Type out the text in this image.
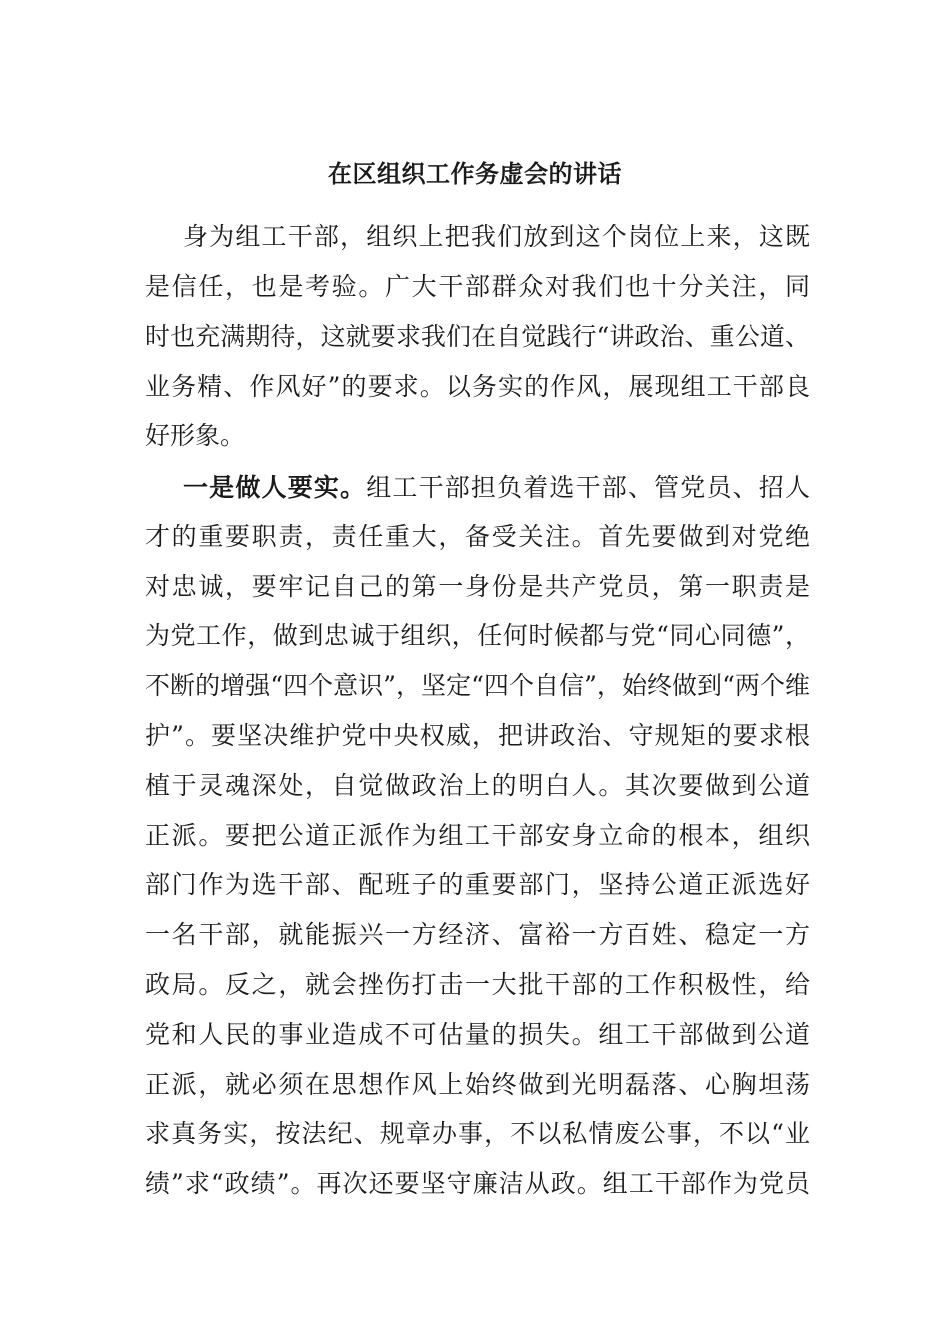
在区组织工作务虚会的讲话
身为组工干部，组织上把我们放到这个岗位上来，这既
是信任，也是考验。广大干部群众对我们也十分关注，同
时也充满期待，这就要求我们在自觉践行“讲政治、重公道、
业务精、作风好”的要求。以务实的作风，展现组工干部良
好形象。
一是做人要实。组工干部担负着选干部、管党员、招人
才的重要职责，责任重大，备受关注。首先要做到对党绝
对忠诚，要牢记自己的第一身份是共产党员，第一职责是
为党工作，做到忠诚于组织，任何时候都与党“同心同德”，
不断的增强“四个意识”，坚定“四个自信”，始终做到“两个维
护”。要坚决维护党中央权威，把讲政治、守规矩的要求根
植于灵魂深处，自觉做政治上的明白人。其次要做到公道
正派。要把公道正派作为组工干部安身立命的根本，组织
部门作为选干部、配班子的重要部门，坚持公道正派选好
一名干部，就能振兴一方经济、富裕一方百姓、稳定一方
政局。反之，就会挫伤打击一大批干部的工作积极性，给
党和人民的事业造成不可估量的损失。组工干部做到公道
正派，就必须在思想作风上始终做到光明磊落、心胸坦荡
求真务实，按法纪、规章办事，不以私情废公事，不以“业
绩”求“政绩”。再次还要坚守廉洁从政。组工干部作为党员
